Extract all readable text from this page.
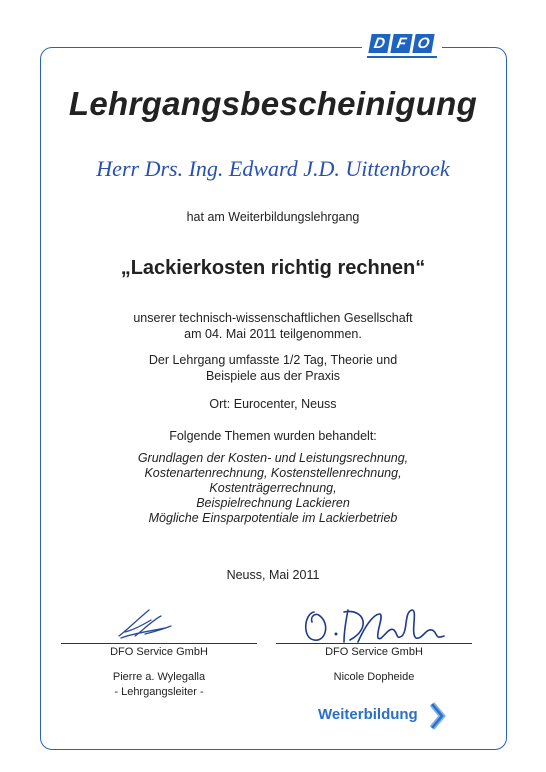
D F O
Lehrgangsbescheinigung
Herr Drs. Ing. Edward J.D. Uittenbroek
hat am Weiterbildungslehrgang
„Lackierkosten richtig rechnen“
unserer technisch-wissenschaftlichen Gesellschaft
am 04. Mai 2011 teilgenommen.
Der Lehrgang umfasste 1/2 Tag, Theorie und
Beispiele aus der Praxis
Ort: Eurocenter, Neuss
Folgende Themen wurden behandelt:
Grundlagen der Kosten- und Leistungsrechnung,
Kostenartenrechnung, Kostenstellenrechnung,
Kostenträgerrechnung,
Beispielrechnung Lackieren
Mögliche Einsparpotentiale im Lackierbetrieb
Neuss, Mai 2011
DFO Service GmbH
Pierre a. Wylegalla
- Lehrgangsleiter -
DFO Service GmbH
Nicole Dopheide
Weiterbildung
